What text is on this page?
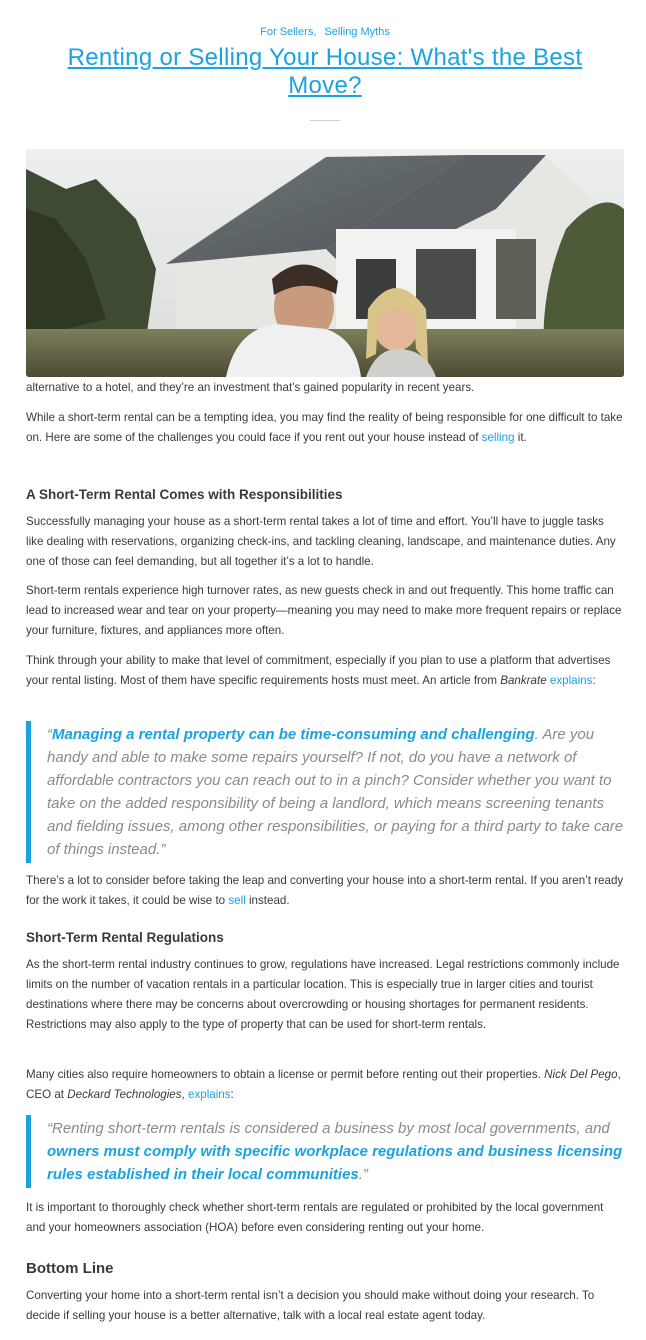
For Sellers, Selling Myths
Renting or Selling Your House: What's the Best Move?

alternative to a hotel, and they’re an investment that’s gained popularity in recent years.

While a short-term rental can be a tempting idea, you may find the reality of being responsible for one difficult to take on. Here are some of the challenges you could face if you rent out your house instead of selling it.

A Short-Term Rental Comes with Responsibilities

Successfully managing your house as a short-term rental takes a lot of time and effort. You’ll have to juggle tasks like dealing with reservations, organizing check-ins, and tackling cleaning, landscape, and maintenance duties. Any one of those can feel demanding, but all together it’s a lot to handle.

Short-term rentals experience high turnover rates, as new guests check in and out frequently. This home traffic can lead to increased wear and tear on your property—meaning you may need to make more frequent repairs or replace your furniture, fixtures, and appliances more often.

Think through your ability to make that level of commitment, especially if you plan to use a platform that advertises your rental listing. Most of them have specific requirements hosts must meet. An article from Bankrate explains:

“Managing a rental property can be time-consuming and challenging. Are you handy and able to make some repairs yourself? If not, do you have a network of affordable contractors you can reach out to in a pinch? Consider whether you want to take on the added responsibility of being a landlord, which means screening tenants and fielding issues, among other responsibilities, or paying for a third party to take care of things instead.”

There’s a lot to consider before taking the leap and converting your house into a short-term rental. If you aren’t ready for the work it takes, it could be wise to sell instead.

Short-Term Rental Regulations

As the short-term rental industry continues to grow, regulations have increased. Legal restrictions commonly include limits on the number of vacation rentals in a particular location. This is especially true in larger cities and tourist destinations where there may be concerns about overcrowding or housing shortages for permanent residents. Restrictions may also apply to the type of property that can be used for short-term rentals.

Many cities also require homeowners to obtain a license or permit before renting out their properties. Nick Del Pego, CEO at Deckard Technologies, explains:

“Renting short-term rentals is considered a business by most local governments, and owners must comply with specific workplace regulations and business licensing rules established in their local communities.”

It is important to thoroughly check whether short-term rentals are regulated or prohibited by the local government and your homeowners association (HOA) before even considering renting out your home.

Bottom Line

Converting your home into a short-term rental isn’t a decision you should make without doing your research. To decide if selling your house is a better alternative, talk with a local real estate agent today.
